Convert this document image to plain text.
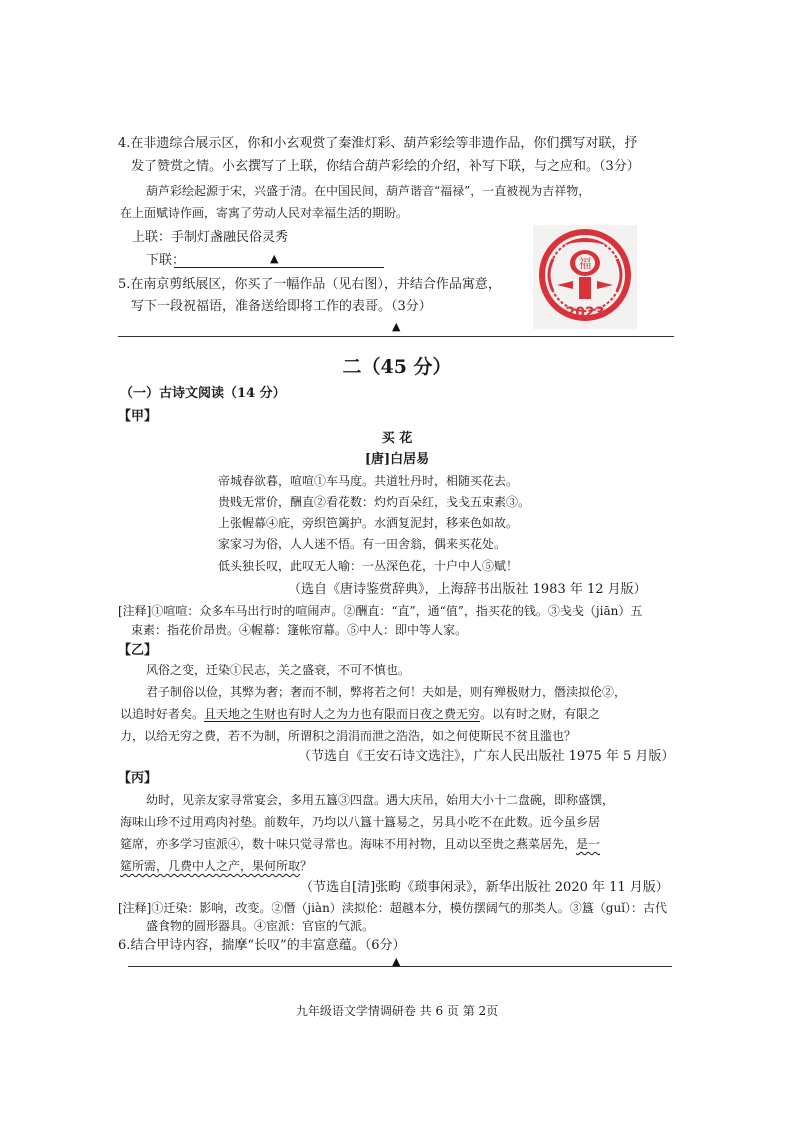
4.在非遗综合展示区，你和小玄观赏了秦淮灯彩、葫芦彩绘等非遗作品，你们撰写对联，抒
发了赞赏之情。小玄撰写了上联，你结合葫芦彩绘的介绍，补写下联，与之应和。（3分）
葫芦彩绘起源于宋，兴盛于清。在中国民间，葫芦谐音“福禄”，一直被视为吉祥物，
在上面赋诗作画，寄寓了劳动人民对幸福生活的期盼。
上联：手制灯盏融民俗灵秀
下联：	▲
5.在南京剪纸展区，你买了一幅作品（见右图），并结合作品寓意，
写下一段祝福语，准备送给即将工作的表哥。（3分）
▲
福
2023
二（45 分）
（一）古诗文阅读（14 分）
【甲】
买 花
[唐]白居易
帝城春欲暮，喧喧①车马度。共道牡丹时，相随买花去。
贵贱无常价，酬直②看花数：灼灼百朵红，戋戋五束素③。
上张幄幕④庇，旁织笆篱护。水洒复泥封，移来色如故。
家家习为俗，人人迷不悟。有一田舍翁，偶来买花处。
低头独长叹，此叹无人喻：一丛深色花，十户中人⑤赋！
（选自《唐诗鉴赏辞典》，上海辞书出版社 1983 年 12 月版）
[注释]①喧喧：众多车马出行时的喧闹声。②酬直：“直”，通“值”，指买花的钱。③戋戋（jiān）五
束素：指花价昂贵。④幄幕：篷帐帘幕。⑤中人：即中等人家。
【乙】
风俗之变，迁染①民志，关之盛衰，不可不慎也。
君子制俗以俭，其弊为奢；奢而不制，弊将若之何！夫如是，则有殚极财力，僭渎拟伦②，
以追时好者矣。且天地之生财也有时人之为力也有限而日夜之费无穷。以有时之财，有限之
力，以给无穷之费，若不为制，所谓积之涓涓而泄之浩浩，如之何使斯民不贫且滥也？
（节选自《王安石诗文选注》，广东人民出版社 1975 年 5 月版）
【丙】
幼时，见亲友家寻常宴会，多用五簋③四盘。遇大庆吊，始用大小十二盘碗，即称盛馔，
海味山珍不过用鸡肉衬垫。前数年，乃均以八簋十簋易之，另具小吃不在此数。近今虽乡居
筵席，亦多学习宦派④，数十味只觉寻常也。海味不用衬物，且动以至贵之燕菜居先，是一
筵所需，几费中人之产，果何所取？
（节选自[清]张畇《琐事闲录》，新华出版社 2020 年 11 月版）
[注释]①迁染：影响，改变。②僭（jiàn）渎拟伦：超越本分，模仿摆阔气的那类人。③簋（guǐ）：古代
盛食物的圆形器具。④宦派：官宦的气派。
6.结合甲诗内容，揣摩“长叹”的丰富意蕴。（6分）
▲
九年级语文学情调研卷 共 6 页 第 2页
